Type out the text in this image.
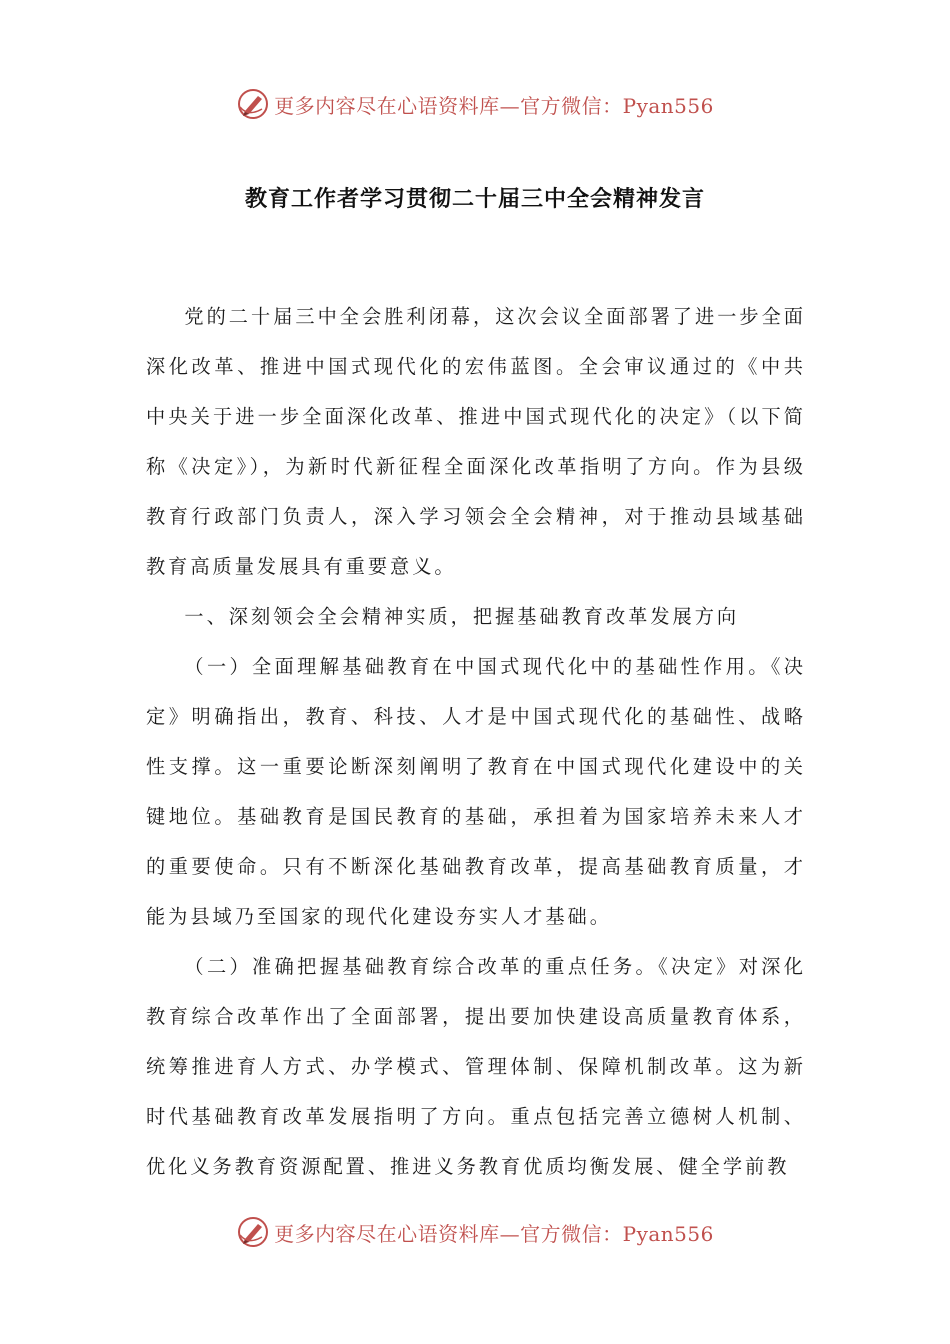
更多内容尽在心语资料库—官方微信：Pyan556
教育工作者学习贯彻二十届三中全会精神发言

党的二十届三中全会胜利闭幕，这次会议全面部署了进一步全面深化改革、推进中国式现代化的宏伟蓝图。全会审议通过的《中共中央关于进一步全面深化改革、推进中国式现代化的决定》（以下简称《决定》），为新时代新征程全面深化改革指明了方向。作为县级教育行政部门负责人，深入学习领会全会精神，对于推动县域基础教育高质量发展具有重要意义。

一、深刻领会全会精神实质，把握基础教育改革发展方向

（一）全面理解基础教育在中国式现代化中的基础性作用。《决定》明确指出，教育、科技、人才是中国式现代化的基础性、战略性支撑。这一重要论断深刻阐明了教育在中国式现代化建设中的关键地位。基础教育是国民教育的基础，承担着为国家培养未来人才的重要使命。只有不断深化基础教育改革，提高基础教育质量，才能为县域乃至国家的现代化建设夯实人才基础。

（二）准确把握基础教育综合改革的重点任务。《决定》对深化教育综合改革作出了全面部署，提出要加快建设高质量教育体系，统筹推进育人方式、办学模式、管理体制、保障机制改革。这为新时代基础教育改革发展指明了方向。重点包括完善立德树人机制、优化义务教育资源配置、推进义务教育优质均衡发展、健全学前教

更多内容尽在心语资料库—官方微信：Pyan556
